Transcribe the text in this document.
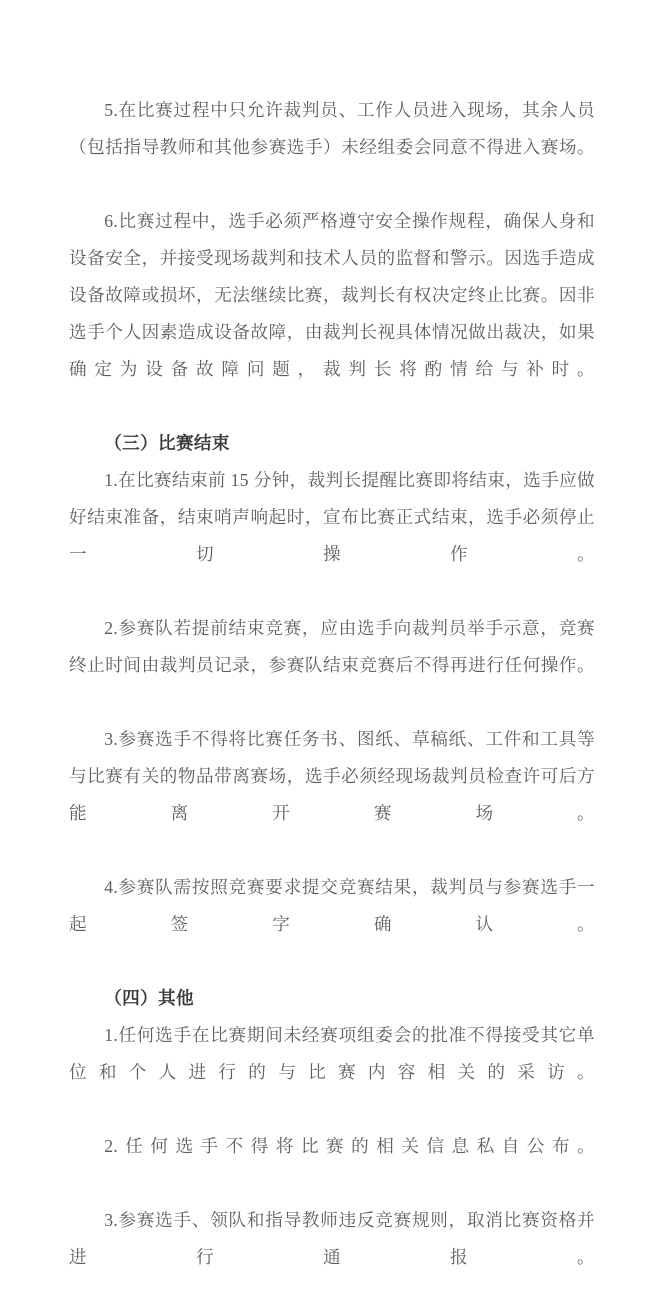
5.在比赛过程中只允许裁判员、工作人员进入现场，其余人员（包括指导教师和其他参赛选手）未经组委会同意不得进入赛场。

6.比赛过程中，选手必须严格遵守安全操作规程，确保人身和设备安全，并接受现场裁判和技术人员的监督和警示。因选手造成设备故障或损坏，无法继续比赛，裁判长有权决定终止比赛。因非选手个人因素造成设备故障，由裁判长视具体情况做出裁决，如果确定为设备故障问题，裁判长将酌情给与补时。

（三）比赛结束

1.在比赛结束前 15 分钟，裁判长提醒比赛即将结束，选手应做好结束准备，结束哨声响起时，宣布比赛正式结束，选手必须停止一切操作。

2.参赛队若提前结束竞赛，应由选手向裁判员举手示意，竞赛终止时间由裁判员记录，参赛队结束竞赛后不得再进行任何操作。

3.参赛选手不得将比赛任务书、图纸、草稿纸、工件和工具等与比赛有关的物品带离赛场，选手必须经现场裁判员检查许可后方能离开赛场。

4.参赛队需按照竞赛要求提交竞赛结果，裁判员与参赛选手一起签字确认。

（四）其他

1.任何选手在比赛期间未经赛项组委会的批准不得接受其它单位和个人进行的与比赛内容相关的采访。

2.任何选手不得将比赛的相关信息私自公布。

3.参赛选手、领队和指导教师违反竞赛规则，取消比赛资格并进行通报。
